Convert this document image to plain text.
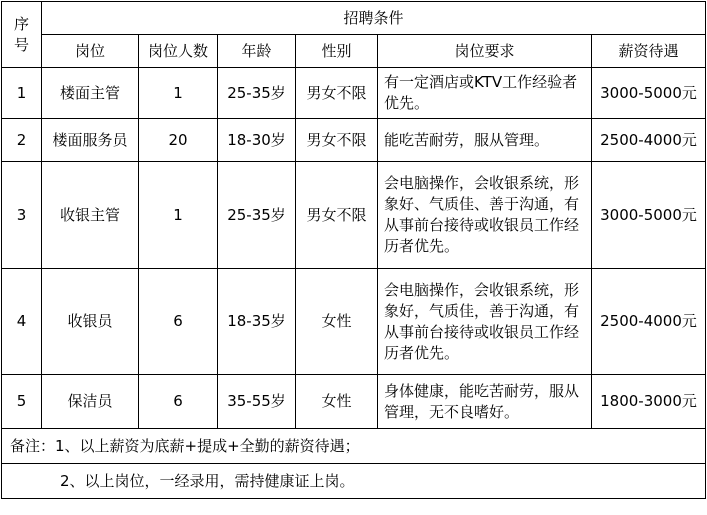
序
号	招聘条件					
	岗位	岗位人数	年龄	性别	岗位要求	薪资待遇
1	楼面主管	1	25-35岁	男女不限	有一定酒店或KTV工作经验者优先。	3000-5000元
2	楼面服务员	20	18-30岁	男女不限	能吃苦耐劳，服从管理。	2500-4000元
3	收银主管	1	25-35岁	男女不限	会电脑操作，会收银系统，形象好、气质佳、善于沟通，有从事前台接待或收银员工作经历者优先。	3000-5000元
4	收银员	6	18-35岁	女性	会电脑操作，会收银系统，形象好，气质佳，善于沟通，有从事前台接待或收银员工作经历者优先。	2500-4000元
5	保洁员	6	35-55岁	女性	身体健康，能吃苦耐劳，服从管理，无不良嗜好。	1800-3000元
备注：1、以上薪资为底薪+提成+全勤的薪资待遇；						
2、以上岗位，一经录用，需持健康证上岗。						
